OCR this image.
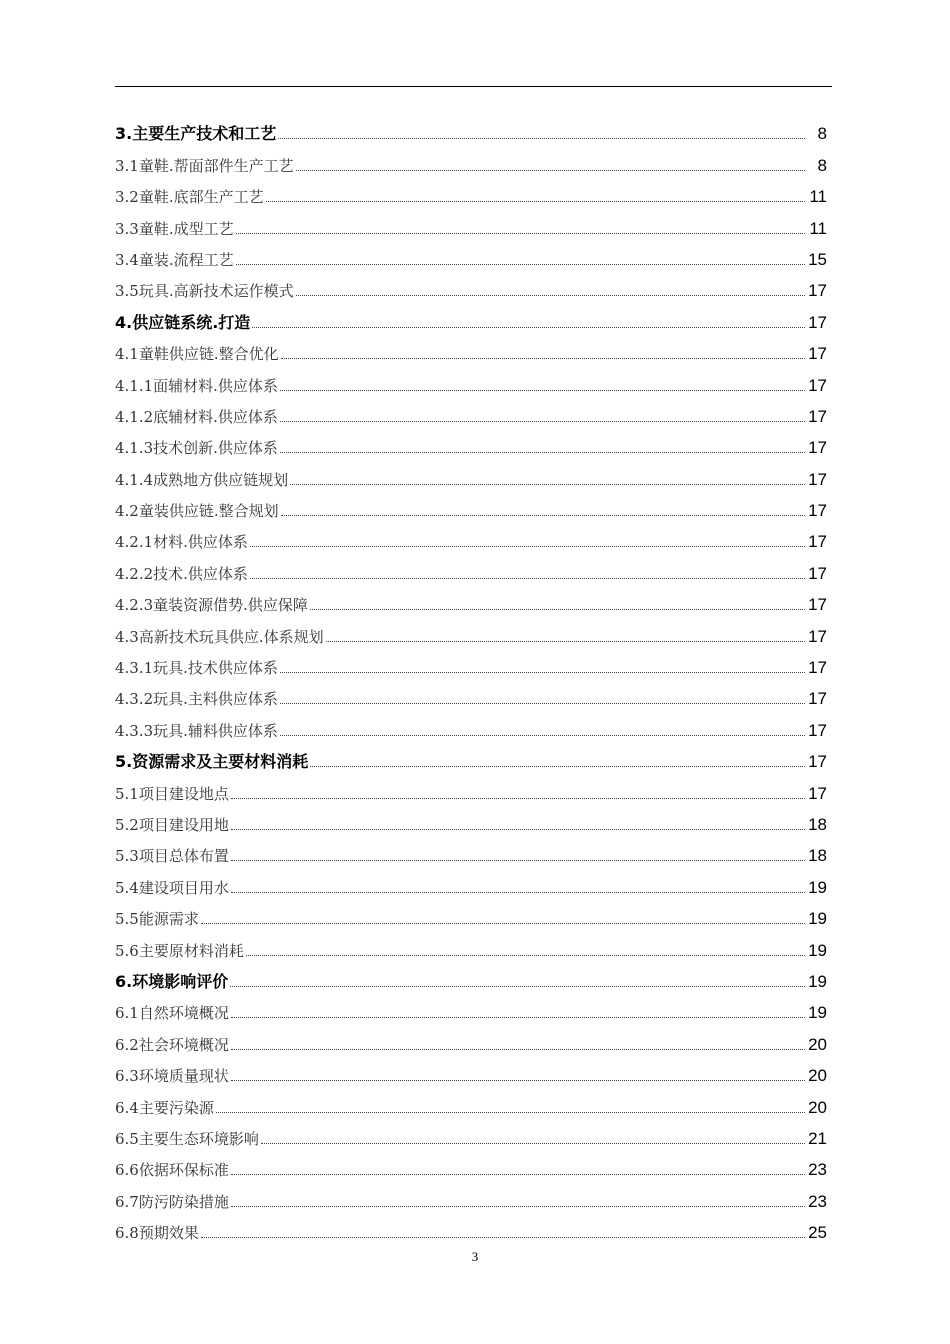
3.主要生产技术和工艺	8
3.1童鞋.帮面部件生产工艺	8
3.2童鞋.底部生产工艺	11
3.3童鞋.成型工艺	11
3.4童装.流程工艺	15
3.5玩具.高新技术运作模式	17
4.供应链系统.打造	17
4.1童鞋供应链.整合优化	17
4.1.1面辅材料.供应体系	17
4.1.2底辅材料.供应体系	17
4.1.3技术创新.供应体系	17
4.1.4成熟地方供应链规划	17
4.2童装供应链.整合规划	17
4.2.1材料.供应体系	17
4.2.2技术.供应体系	17
4.2.3童装资源借势.供应保障	17
4.3高新技术玩具供应.体系规划	17
4.3.1玩具.技术供应体系	17
4.3.2玩具.主料供应体系	17
4.3.3玩具.辅料供应体系	17
5.资源需求及主要材料消耗	17
5.1项目建设地点	17
5.2项目建设用地	18
5.3项目总体布置	18
5.4建设项目用水	19
5.5能源需求	19
5.6主要原材料消耗	19
6.环境影响评价	19
6.1自然环境概况	19
6.2社会环境概况	20
6.3环境质量现状	20
6.4主要污染源	20
6.5主要生态环境影响	21
6.6依据环保标准	23
6.7防污防染措施	23
6.8预期效果	25
3
